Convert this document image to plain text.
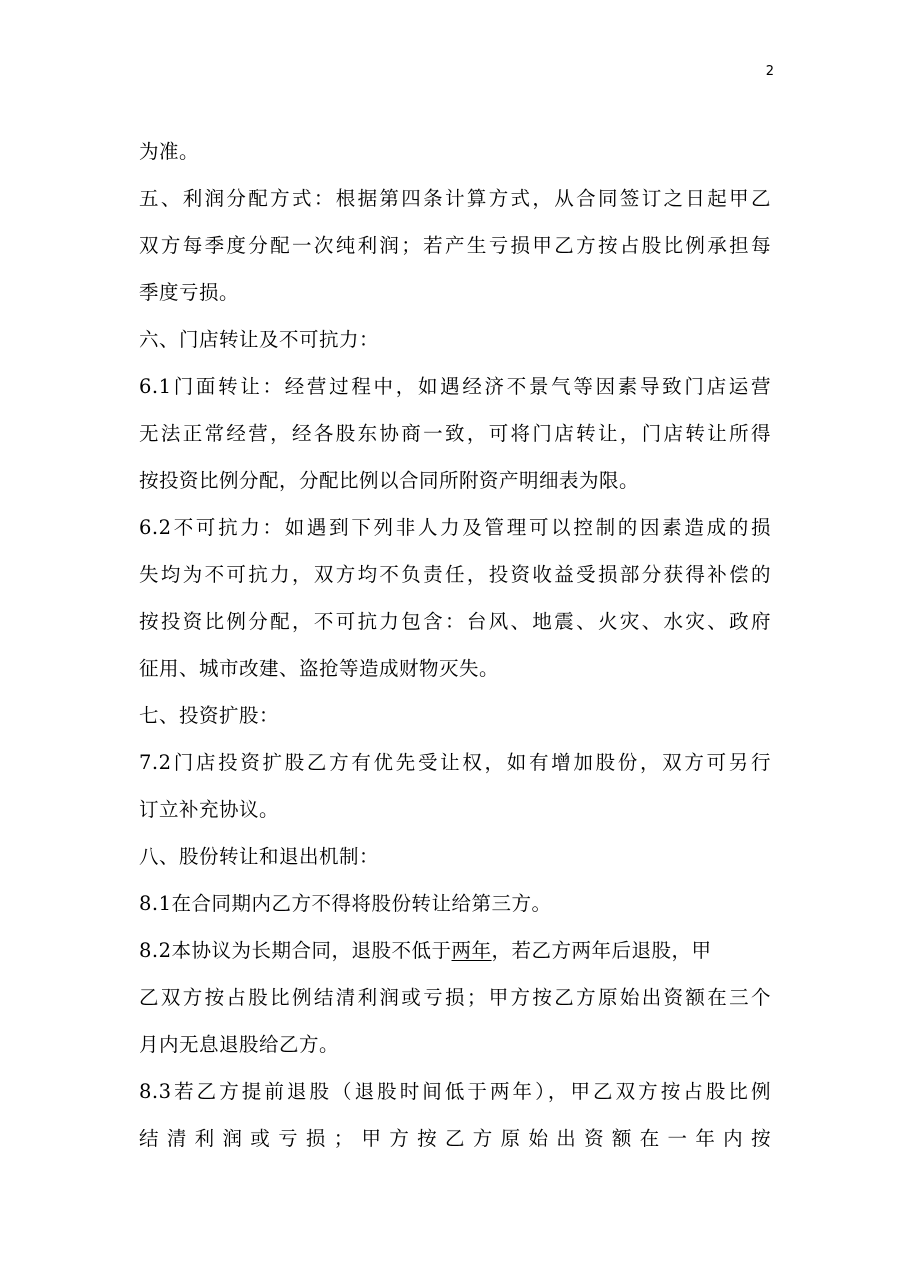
2
为准。
五、利润分配方式：根据第四条计算方式，从合同签订之日起甲乙
双方每季度分配一次纯利润；若产生亏损甲乙方按占股比例承担每
季度亏损。
六、门店转让及不可抗力：
6.1门面转让：经营过程中，如遇经济不景气等因素导致门店运营
无法正常经营，经各股东协商一致，可将门店转让，门店转让所得
按投资比例分配，分配比例以合同所附资产明细表为限。
6.2不可抗力：如遇到下列非人力及管理可以控制的因素造成的损
失均为不可抗力，双方均不负责任，投资收益受损部分获得补偿的
按投资比例分配，不可抗力包含：台风、地震、火灾、水灾、政府
征用、城市改建、盗抢等造成财物灭失。
七、投资扩股：
7.2门店投资扩股乙方有优先受让权，如有增加股份，双方可另行
订立补充协议。
八、股份转让和退出机制：
8.1在合同期内乙方不得将股份转让给第三方。
8.2本协议为长期合同，退股不低于两年，若乙方两年后退股，甲
乙双方按占股比例结清利润或亏损；甲方按乙方原始出资额在三个
月内无息退股给乙方。
8.3若乙方提前退股（退股时间低于两年），甲乙双方按占股比例
结清利润或亏损；甲方按乙方原始出资额在一年内按
